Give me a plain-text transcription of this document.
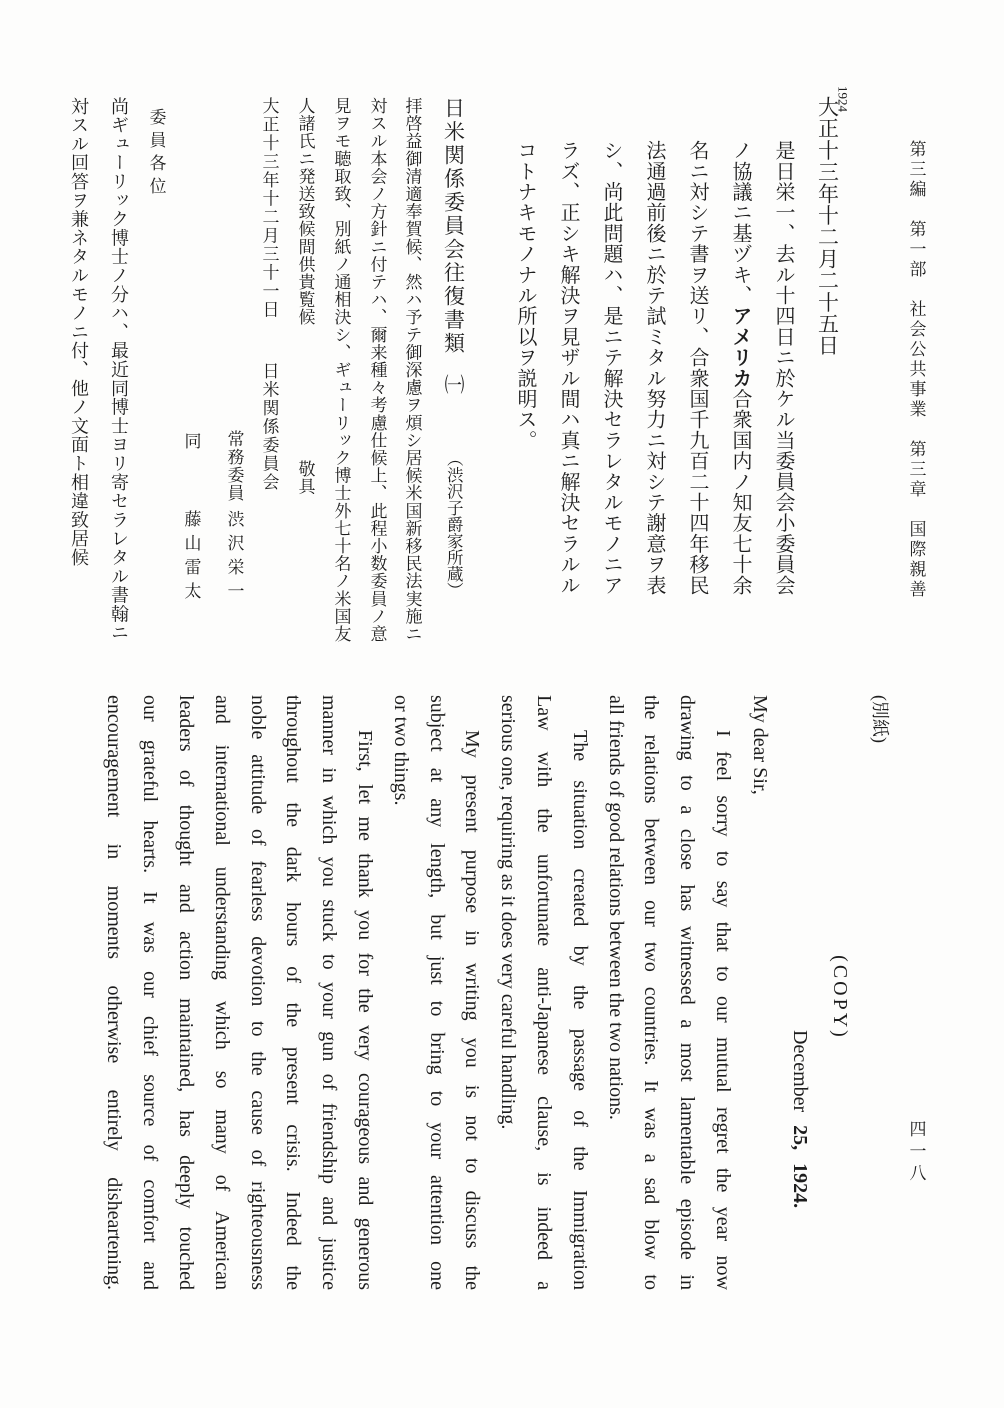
第三編　第一部　社会公共事業　第三章　国際親善
四一八
1924
大正十三年十二月二十五日
是日栄一、去ル十四日ニ於ケル当委員会小委員会
ノ協議ニ基ヅキ、アメリカ合衆国内ノ知友七十余
名ニ対シテ書ヲ送リ、合衆国千九百二十四年移民
法通過前後ニ於テ試ミタル努力ニ対シテ謝意ヲ表
シ、尚此問題ハ、是ニテ解決セラレタルモノニア
ラズ、正シキ解決ヲ見ザル間ハ真ニ解決セラルル
コトナキモノナル所以ヲ説明ス。
日米関係委員会往復書類
㈠
（渋沢子爵家所蔵）
拝啓益御清適奉賀候、然ハ予テ御深慮ヲ煩シ居候米国新移民法実施ニ
対スル本会ノ方針ニ付テハ、爾来種々考慮仕候上、此程小数委員ノ意
見ヲモ聴取致、別紙ノ通相決シ、ギューリック博士外七十名ノ米国友
人諸氏ニ発送致候間供貴覧候
敬具
大正十三年十二月三十一日
日米関係委員会
常務委員
渋沢栄一
同
藤山雷太
委員各位
尚ギューリック博士ノ分ハ、最近同博士ヨリ寄セラレタル書翰ニ
対スル回答ヲ兼ネタルモノニ付、他ノ文面ト相違致居候
(別紙)
(COPY)
December 25, 1924.
My dear Sir,
I feel sorry to say that to our mutual regret the year now
drawing to a close has witnessed a most lamentable episode in
the relations between our two countries. It was a sad blow to
all friends of good relations between the two nations.
The situation created by the passage of the Immigration
Law with the unfortunate anti-Japanese clause, is indeed a
serious one, requiring as it does very careful handling.
My present purpose in writing you is not to discuss the
subject at any length, but just to bring to your attention one
or two things.
First, let me thank you for the very courageous and generous
manner in which you stuck to your gun of friendship and justice
throughout the dark hours of the present crisis. Indeed the
noble attitude of fearless devotion to the cause of righteousness
and international understanding which so many of American
leaders of thought and action maintained, has deeply touched
our grateful hearts. It was our chief source of comfort and
encouragement in moments otherwise entirely disheartening.
